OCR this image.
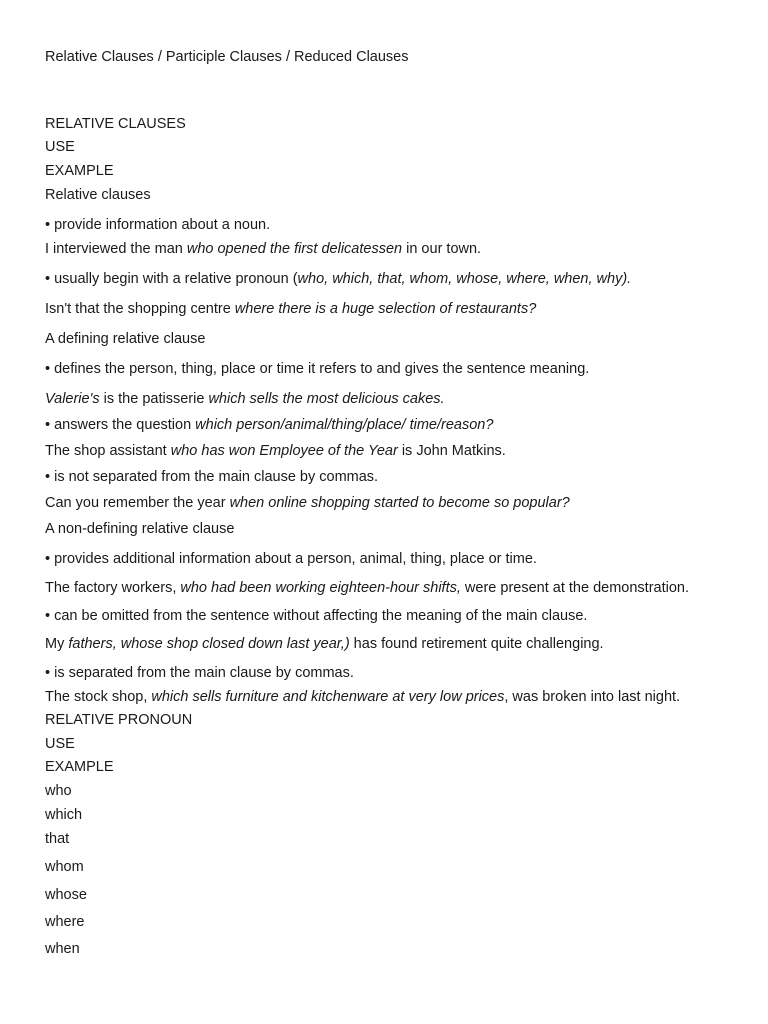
Relative Clauses / Participle Clauses / Reduced Clauses
RELATIVE CLAUSES
USE
EXAMPLE
Relative clauses
• provide information about a noun.
I interviewed the man who opened the first delicatessen in our town.
• usually begin with a relative pronoun (who, which, that, whom, whose, where, when, why).
Isn't that the shopping centre where there is a huge selection of restaurants?
A defining relative clause
• defines the person, thing, place or time it refers to and gives the sentence meaning.
Valerie's is the patisserie which sells the most delicious cakes.
• answers the question which person/animal/thing/place/ time/reason?
The shop assistant who has won Employee of the Year is John Matkins.
• is not separated from the main clause by commas.
Can you remember the year when online shopping started to become so popular?
A non-defining relative clause
• provides additional information about a person, animal, thing, place or time.
The factory workers, who had been working eighteen-hour shifts, were present at the demonstration.
• can be omitted from the sentence without affecting the meaning of the main clause.
My fathers, whose shop closed down last year,) has found retirement quite challenging.
• is separated from the main clause by commas.
The stock shop, which sells furniture and kitchenware at very low prices, was broken into last night.
RELATIVE PRONOUN
USE
EXAMPLE
who
which
that
whom
whose
where
when
